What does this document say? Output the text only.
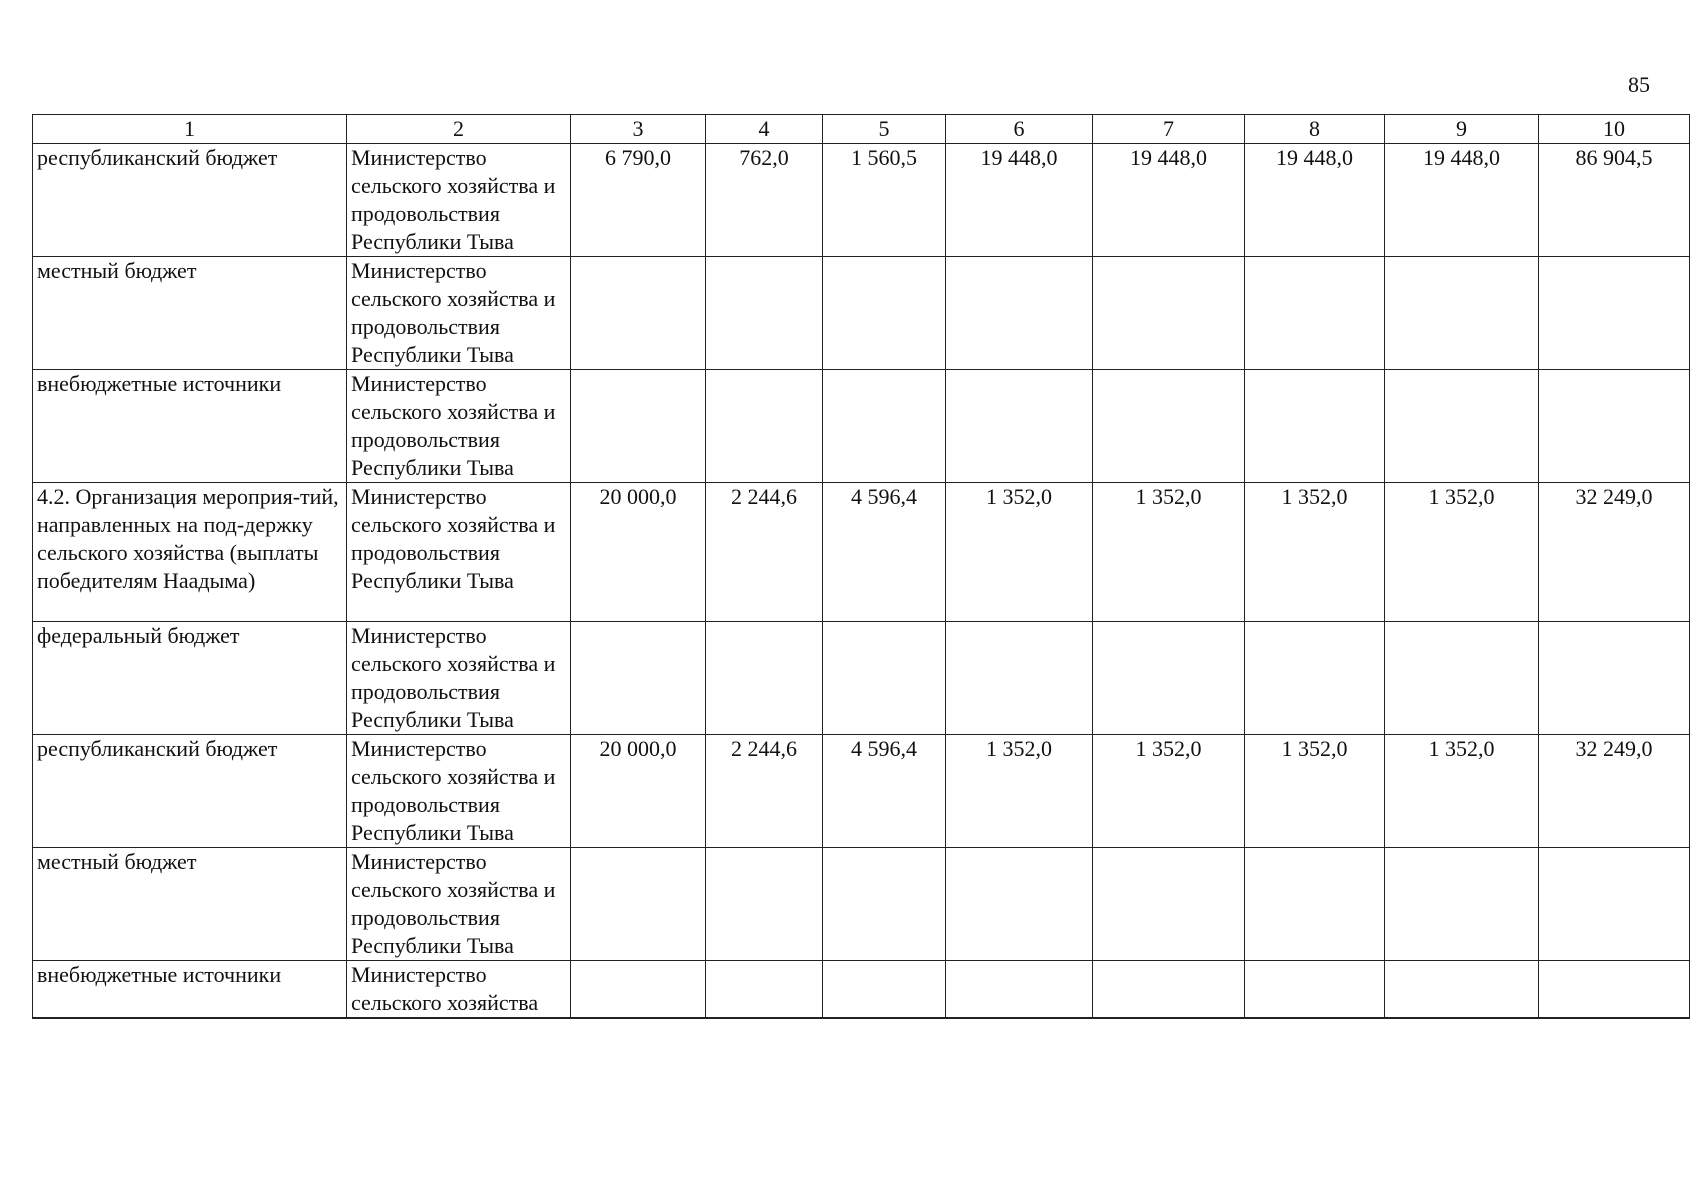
85
1	2	3	4	5	6	7	8	9	10
республиканский бюджет	Министерство сельского хозяйства и продовольствия Республики Тыва	6 790,0	762,0	1 560,5	19 448,0	19 448,0	19 448,0	19 448,0	86 904,5
местный бюджет	Министерство сельского хозяйства и продовольствия Республики Тыва								
внебюджетные источники	Министерство сельского хозяйства и продовольствия Республики Тыва								
4.2. Организация мероприя-тий, направленных на под-держку сельского хозяйства (выплаты победителям Наадыма)	Министерство сельского хозяйства и продовольствия Республики Тыва	20 000,0	2 244,6	4 596,4	1 352,0	1 352,0	1 352,0	1 352,0	32 249,0
федеральный бюджет	Министерство сельского хозяйства и продовольствия Республики Тыва								
республиканский бюджет	Министерство сельского хозяйства и продовольствия Республики Тыва	20 000,0	2 244,6	4 596,4	1 352,0	1 352,0	1 352,0	1 352,0	32 249,0
местный бюджет	Министерство сельского хозяйства и продовольствия Республики Тыва								
внебюджетные источники	Министерство сельского хозяйства								
